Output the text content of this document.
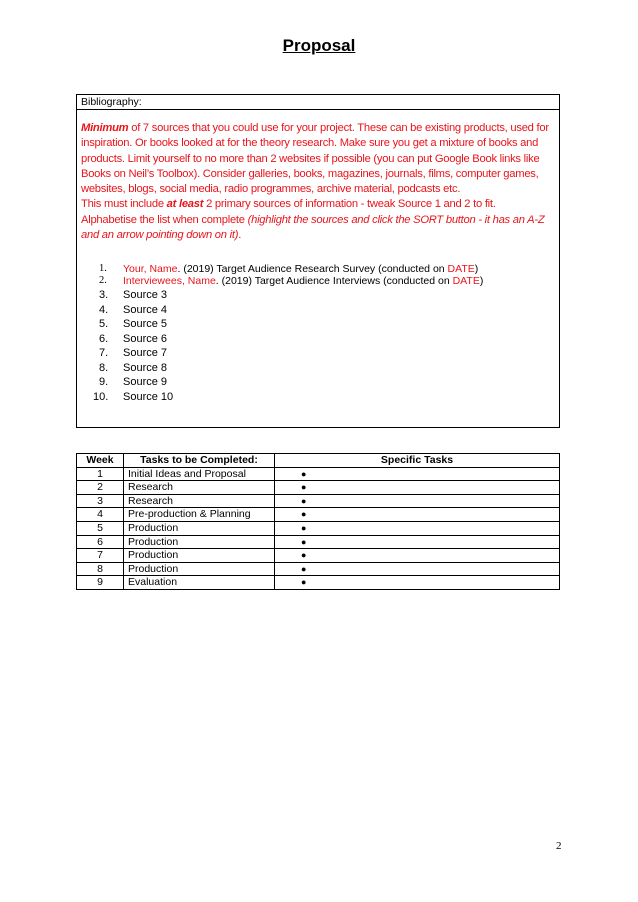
Proposal
Bibliography:

Minimum of 7 sources that you could use for your project. These can be existing products, used for inspiration. Or books looked at for the theory research. Make sure you get a mixture of books and products. Limit yourself to no more than 2 websites if possible (you can put Google Book links like Books on Neil’s Toolbox). Consider galleries, books, magazines, journals, films, computer games, websites, blogs, social media, radio programmes, archive material, podcasts etc.

This must include at least 2 primary sources of information - tweak Source 1 and 2 to fit.

Alphabetise the list when complete (highlight the sources and click the SORT button - it has an A-Z and an arrow pointing down on it).

1.	Your, Name. (2019) Target Audience Research Survey (conducted on DATE)
2.	Interviewees, Name. (2019) Target Audience Interviews (conducted on DATE)
3.	Source 3
4.	Source 4
5.	Source 5
6.	Source 6
7.	Source 7
8.	Source 8
9.	Source 9
10.	Source 10
Week	Tasks to be Completed:	Specific Tasks
1	Initial Ideas and Proposal	●
2	Research	●
3	Research	●
4	Pre-production & Planning	●
5	Production	●
6	Production	●
7	Production	●
8	Production	●
9	Evaluation	●
2
